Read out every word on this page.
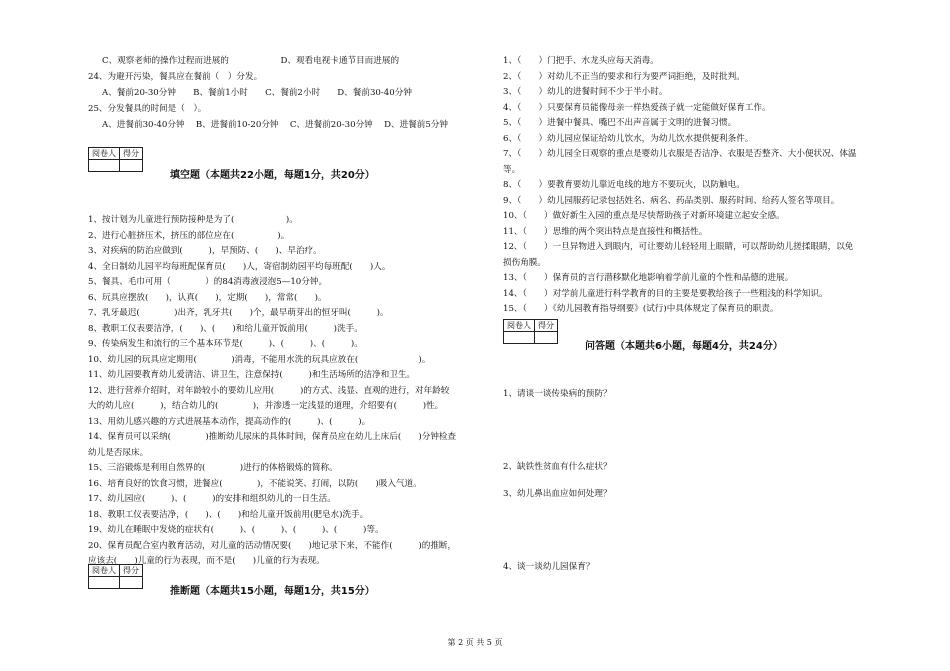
C、观察老师的操作过程而进展的　　　　　　D、观看电视卡通节目而进展的
24、为避开污染，餐具应在餐前（　）分发。
A、餐前20-30分钟　　B、餐前1小时　　C、餐前2小时　　D、餐前30-40分钟
25、分发餐具的时间是（　）。
A、进餐前30-40分钟　 B、进餐前10-20分钟　 C、进餐前20-30分钟　 D、进餐前5分钟
阅卷人	得分

填空题（本题共22小题，每题1分，共20分）
1、按计划为儿童进行预防接种是为了(　　　　　　)。
2、进行心脏挤压术，挤压的部位应在(　　　　　)。
3、对疾病的防治应做到(　　　)，早预防、(　　)、早治疗。
4、全日制幼儿园平均每班配保育员(　　)人，寄宿制幼园平均每班配(　　)人。
5、餐具、毛巾可用（　　　　）的84消毒液浸泡5—10分钟。
6、玩具应摆放(　　)，认真(　　)，定期(　　)，常常(　　)。
7、乳牙最迟(　　　　)出齐，乳牙共(　　)个，最早萌芽出的恒牙叫(　　　)。
8、教职工仪表要洁净，(　　)、(　　)和给儿童开饭前用(　　　)洗手。
9、传染病发生和流行的三个基本环节是(　　　)、(　　　)、(　　　)。
10、幼儿园的玩具应定期用(　　　　)消毒，不能用水洗的玩具应放在(　　　　　　　)。
11、幼儿园要教育幼儿爱清洁、讲卫生，注意保持(　　　)和生活场所的洁净和卫生。
12、进行营养介绍时，对年龄较小的要幼儿应用(　　　)的方式、浅显、直观的进行，对年龄较
大的幼儿应(　　　)，结合幼儿的(　　　　)，并渗透一定浅显的道理，介绍要有(　　　)性。
13、用幼儿感兴趣的方式进展基本动作，提高动作的(　　　)、(　　　)。
14、保育员可以采纳(　　　　)推断幼儿尿床的具体时间，保育员应在幼儿上床后(　　)分钟检查
幼儿是否尿床。
15、三浴锻炼是利用自然界的(　　　　)进行的体格锻炼的简称。
16、培育良好的饮食习惯，进餐应(　　　　)，不能说笑、打闹，以防(　　)吸入气道。
17、幼儿园应(　　　)、(　　　)的安排和组织幼儿的一日生活。
18、教职工仪表要洁净，(　　)、(　　)和给儿童开饭前用(肥皂水)洗手。
19、幼儿在睡眠中发烧的症状有(　　　)、(　　　)、(　　　)、(　　　)等。
20、保育员配合室内教育活动，对儿童的活动情况要(　　)地记录下来，不能作(　　　)的推断，
应该去(　　)儿童的行为表现，而不是(　　)儿童的行为表现。
阅卷人	得分

推断题（本题共15小题，每题1分，共15分）
1、（　　）门把手、水龙头应每天消毒。
2、（　　）对幼儿不正当的要求和行为要严词拒绝，及时批判。
3、（　　）幼儿的进餐时间不少于半小时。
4、（　　）只要保育员能像母亲一样热爱孩子就一定能做好保育工作。
5、（　　）进餐中餐具、嘴巴不出声音属于文明的进餐习惯。
6、（　　）幼儿园应保证给幼儿饮水，为幼儿饮水提供便利条件。
7、（　　）幼儿园全日观察的重点是婴幼儿衣服是否洁净、衣服是否整齐、大小便状况、体温
等。
8、（　　）要教育要幼儿靠近电线的地方不要玩火，以防触电。
9、（　　）幼儿园服药记录包括姓名、病名、药品类别、服药时间、给药人签名等项目。
10、（　　）做好新生入园的重点是尽快帮助孩子对新环境建立起安全感。
11、（　　）思维的两个突出特点是直接性和概括性。
12、（　　）一旦异物进入到眼内，可让婴幼儿轻轻用上眼睛，可以帮助幼儿搓揉眼睛，以免
损伤角膜。
13、（　　）保育员的言行潜移默化地影响着学前儿童的个性和品德的进展。
14、（　　）对学前儿童进行科学教育的目的主要是要教给孩子一些粗浅的科学知识。
15、（　　）《幼儿园教育指导纲要》(试行)中具体规定了保育员的职责。
阅卷人	得分

问答题（本题共6小题，每题4分，共24分）
1、请谈一谈传染病的预防？
2、缺铁性贫血有什么症状？
3、幼儿鼻出血应如何处理？
4、谈一谈幼儿园保育？
第 2 页 共 5 页
